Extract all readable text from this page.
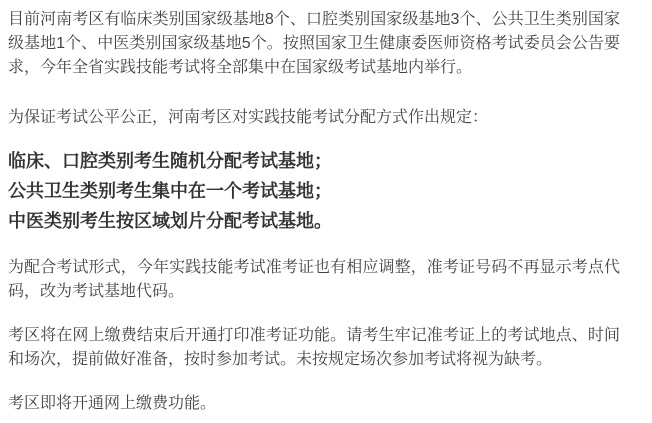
目前河南考区有临床类别国家级基地8个、口腔类别国家级基地3个、公共卫生类别国家级基地1个、中医类别国家级基地5个。按照国家卫生健康委医师资格考试委员会公告要求，今年全省实践技能考试将全部集中在国家级考试基地内举行。

为保证考试公平公正，河南考区对实践技能考试分配方式作出规定：

临床、口腔类别考生随机分配考试基地；
公共卫生类别考生集中在一个考试基地；
中医类别考生按区域划片分配考试基地。

为配合考试形式，今年实践技能考试准考证也有相应调整，准考证号码不再显示考点代码，改为考试基地代码。

考区将在网上缴费结束后开通打印准考证功能。请考生牢记准考证上的考试地点、时间和场次，提前做好准备，按时参加考试。未按规定场次参加考试将视为缺考。

考区即将开通网上缴费功能。
